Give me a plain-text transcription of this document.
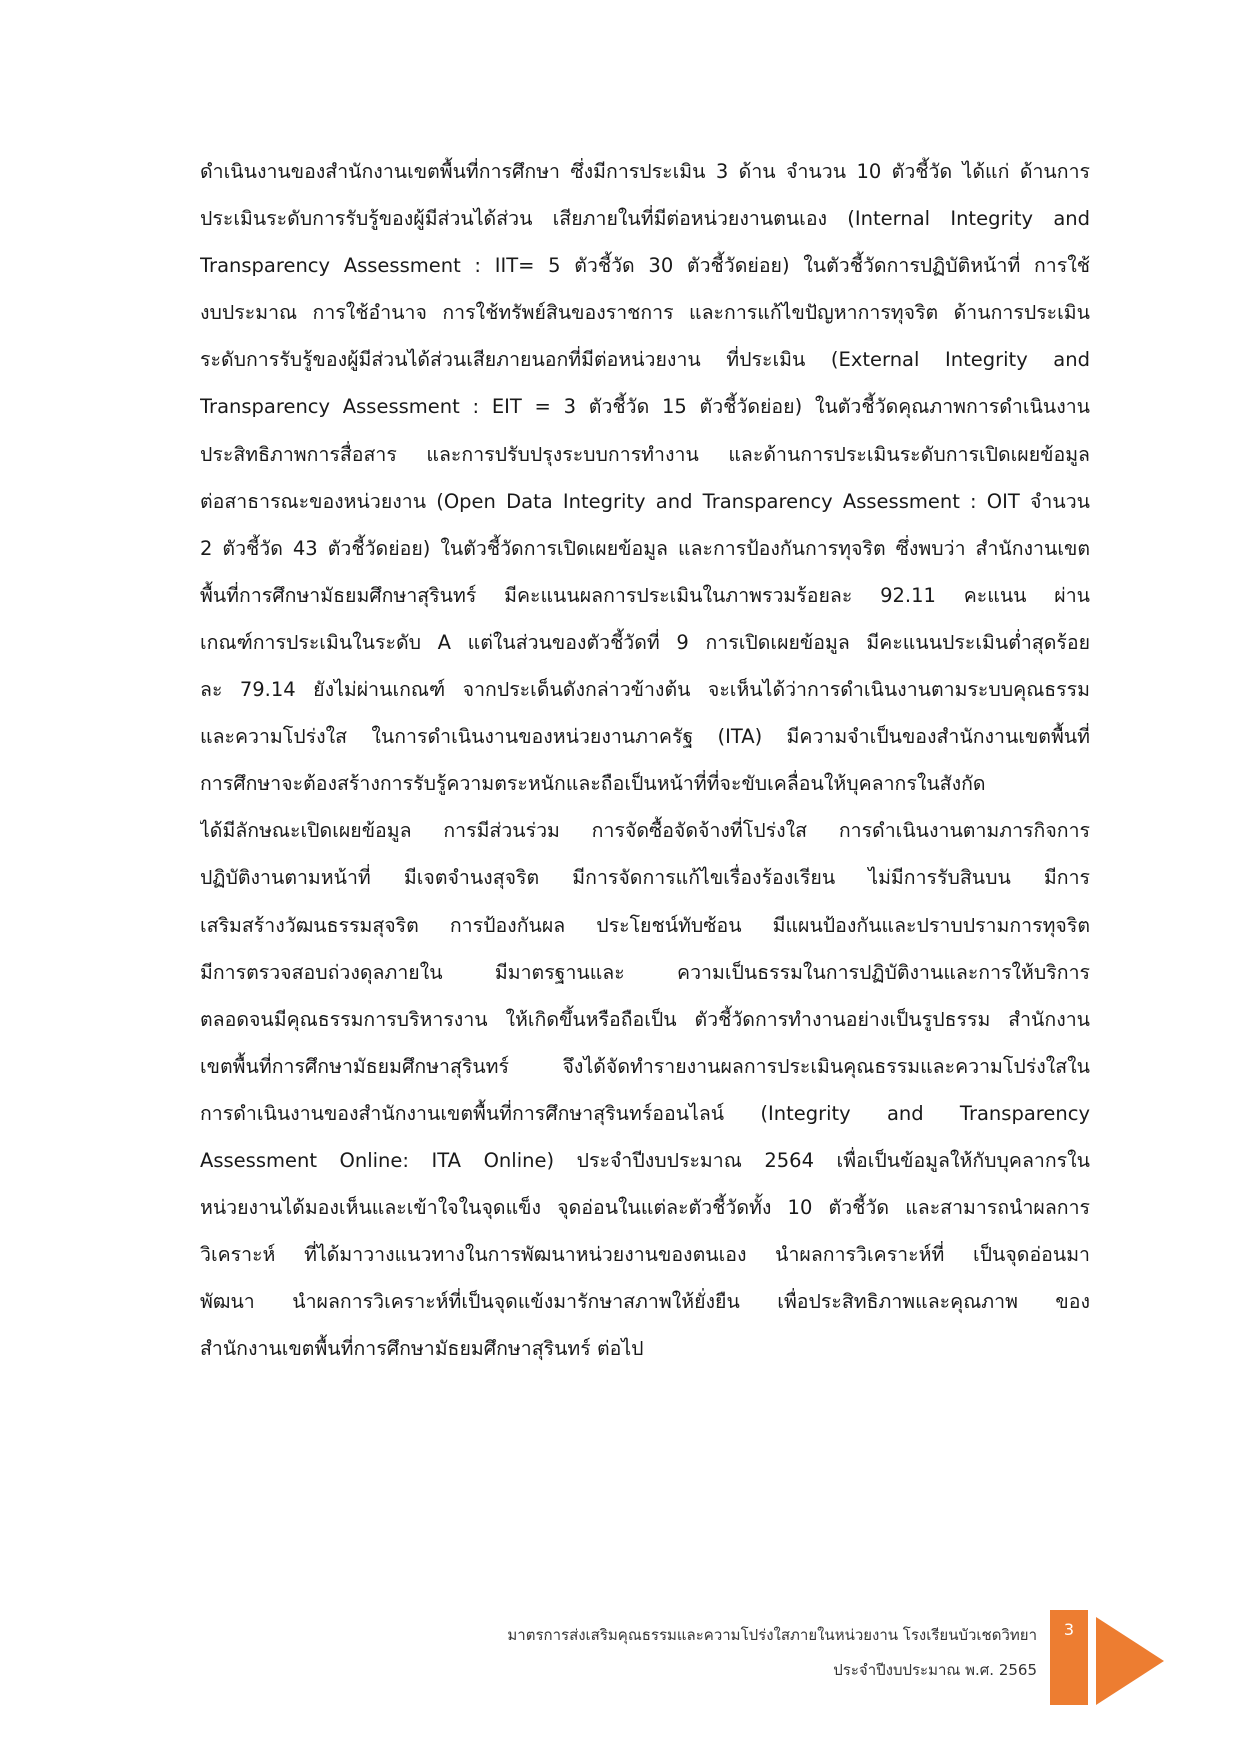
ดำเนินงานของสำนักงานเขตพื้นที่การศึกษา ซึ่งมีการประเมิน 3 ด้าน จำนวน 10 ตัวชี้วัด ได้แก่ ด้านการ
ประเมินระดับการรับรู้ของผู้มีส่วนได้ส่วน เสียภายในที่มีต่อหน่วยงานตนเอง (Internal Integrity and
Transparency Assessment : IIT= 5 ตัวชี้วัด 30 ตัวชี้วัดย่อย) ในตัวชี้วัดการปฏิบัติหน้าที่ การใช้
งบประมาณ การใช้อำนาจ การใช้ทรัพย์สินของราชการ และการแก้ไขปัญหาการทุจริต ด้านการประเมิน
ระดับการรับรู้ของผู้มีส่วนได้ส่วนเสียภายนอกที่มีต่อหน่วยงาน ที่ประเมิน (External Integrity and
Transparency Assessment : EIT = 3 ตัวชี้วัด 15 ตัวชี้วัดย่อย) ในตัวชี้วัดคุณภาพการดำเนินงาน
ประสิทธิภาพการสื่อสาร และการปรับปรุงระบบการทำงาน และด้านการประเมินระดับการเปิดเผยข้อมูล
ต่อสาธารณะของหน่วยงาน (Open Data Integrity and Transparency Assessment : OIT จำนวน
2 ตัวชี้วัด 43 ตัวชี้วัดย่อย) ในตัวชี้วัดการเปิดเผยข้อมูล และการป้องกันการทุจริต ซึ่งพบว่า สำนักงานเขต
พื้นที่การศึกษามัธยมศึกษาสุรินทร์ มีคะแนนผลการประเมินในภาพรวมร้อยละ 92.11 คะแนน ผ่าน
เกณฑ์การประเมินในระดับ A แต่ในส่วนของตัวชี้วัดที่ 9 การเปิดเผยข้อมูล มีคะแนนประเมินต่ำสุดร้อย
ละ 79.14 ยังไม่ผ่านเกณฑ์ จากประเด็นดังกล่าวข้างต้น จะเห็นได้ว่าการดำเนินงานตามระบบคุณธรรม
และความโปร่งใส ในการดำเนินงานของหน่วยงานภาครัฐ (ITA) มีความจำเป็นของสำนักงานเขตพื้นที่
การศึกษาจะต้องสร้างการรับรู้ความตระหนักและถือเป็นหน้าที่ที่จะขับเคลื่อนให้บุคลากรในสังกัด
ได้มีลักษณะเปิดเผยข้อมูล การมีส่วนร่วม การจัดซื้อจัดจ้างที่โปร่งใส การดำเนินงานตามภารกิจการ
ปฏิบัติงานตามหน้าที่ มีเจตจำนงสุจริต มีการจัดการแก้ไขเรื่องร้องเรียน ไม่มีการรับสินบน มีการ
เสริมสร้างวัฒนธรรมสุจริต การป้องกันผล ประโยชน์ทับซ้อน มีแผนป้องกันและปราบปรามการทุจริต
มีการตรวจสอบถ่วงดุลภายใน มีมาตรฐานและ ความเป็นธรรมในการปฏิบัติงานและการให้บริการ
ตลอดจนมีคุณธรรมการบริหารงาน ให้เกิดขึ้นหรือถือเป็น ตัวชี้วัดการทำงานอย่างเป็นรูปธรรม สำนักงาน
เขตพื้นที่การศึกษามัธยมศึกษาสุรินทร์ จึงได้จัดทำรายงานผลการประเมินคุณธรรมและความโปร่งใสใน
การดำเนินงานของสำนักงานเขตพื้นที่การศึกษาสุรินทร์ออนไลน์ (Integrity and Transparency
Assessment Online: ITA Online) ประจำปีงบประมาณ 2564 เพื่อเป็นข้อมูลให้กับบุคลากรใน
หน่วยงานได้มองเห็นและเข้าใจในจุดแข็ง จุดอ่อนในแต่ละตัวชี้วัดทั้ง 10 ตัวชี้วัด และสามารถนำผลการ
วิเคราะห์ ที่ได้มาวางแนวทางในการพัฒนาหน่วยงานของตนเอง นำผลการวิเคราะห์ที่ เป็นจุดอ่อนมา
พัฒนา นำผลการวิเคราะห์ที่เป็นจุดแข้งมารักษาสภาพให้ยั่งยืน เพื่อประสิทธิภาพและคุณภาพ ของ
สำนักงานเขตพื้นที่การศึกษามัธยมศึกษาสุรินทร์ ต่อไป
มาตรการส่งเสริมคุณธรรมและความโปร่งใสภายในหน่วยงาน โรงเรียนบัวเชดวิทยา
ประจำปีงบประมาณ พ.ศ. 2565
3
